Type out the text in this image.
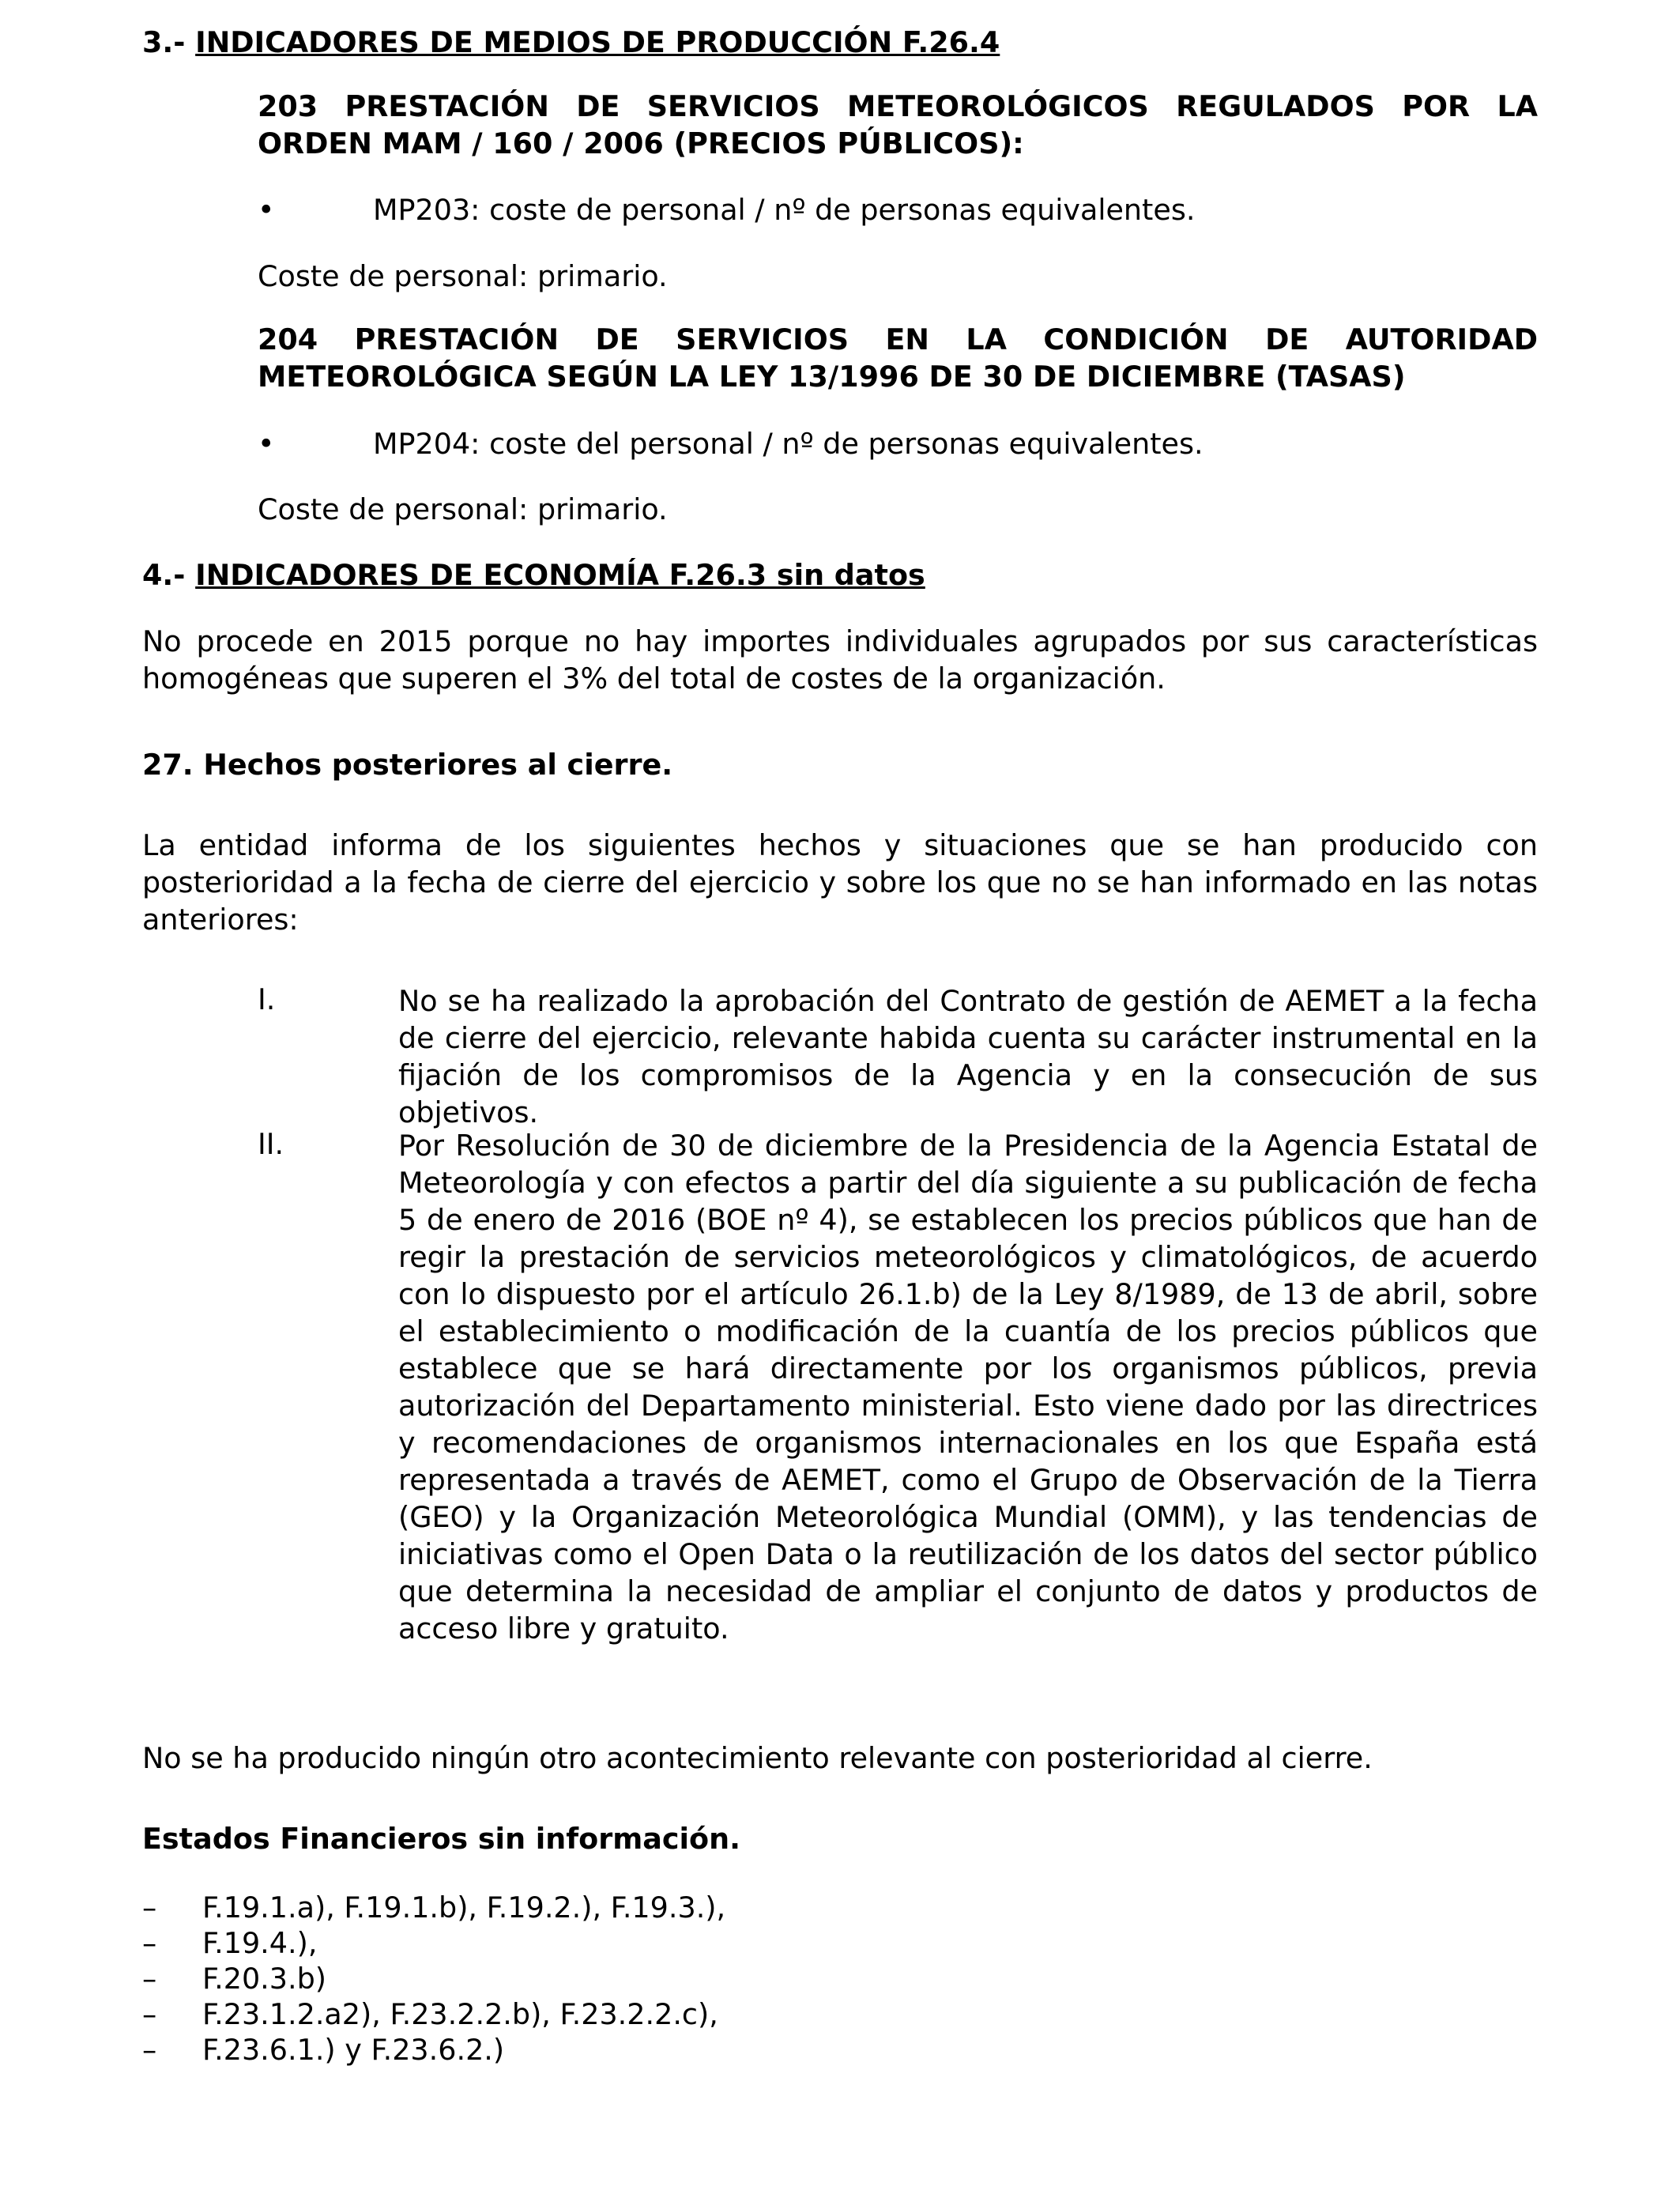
3.- INDICADORES DE MEDIOS DE PRODUCCIÓN F.26.4

203 PRESTACIÓN DE SERVICIOS METEOROLÓGICOS REGULADOS POR LA ORDEN MAM / 160 / 2006 (PRECIOS PÚBLICOS):

•	MP203: coste de personal / nº de personas equivalentes.
Coste de personal: primario.

204 PRESTACIÓN DE SERVICIOS EN LA CONDICIÓN DE AUTORIDAD METEOROLÓGICA SEGÚN LA LEY 13/1996 DE 30 DE DICIEMBRE (TASAS)

•	MP204: coste del personal / nº de personas equivalentes.
Coste de personal: primario.
4.- INDICADORES DE ECONOMÍA F.26.3 sin datos

No procede en 2015 porque no hay importes individuales agrupados por sus características homogéneas que superen el 3% del total de costes de la organización.

27. Hechos posteriores al cierre.

La entidad informa de los siguientes hechos y situaciones que se han producido con posterioridad a la fecha de cierre del ejercicio y sobre los que no se han informado en las notas anteriores:

I.	No se ha realizado la aprobación del Contrato de gestión de AEMET a la fecha de cierre del ejercicio, relevante habida cuenta su carácter instrumental en la fijación de los compromisos de la Agencia y en la consecución de sus objetivos.

II.	Por Resolución de 30 de diciembre de la Presidencia de la Agencia Estatal de Meteorología y con efectos a partir del día siguiente a su publicación de fecha 5 de enero de 2016 (BOE nº 4), se establecen los precios públicos que han de regir la prestación de servicios meteorológicos y climatológicos, de acuerdo con lo dispuesto por el artículo 26.1.b) de la Ley 8/1989, de 13 de abril, sobre el establecimiento o modificación de la cuantía de los precios públicos que establece que se hará directamente por los organismos públicos, previa autorización del Departamento ministerial. Esto viene dado por las directrices y recomendaciones de organismos internacionales en los que España está representada a través de AEMET, como el Grupo de Observación de la Tierra (GEO) y la Organización Meteorológica Mundial (OMM), y las tendencias de iniciativas como el Open Data o la reutilización de los datos del sector público que determina la necesidad de ampliar el conjunto de datos y productos de acceso libre y gratuito.

No se ha producido ningún otro acontecimiento relevante con posterioridad al cierre.
Estados Financieros sin información.
– F.19.1.a), F.19.1.b), F.19.2.), F.19.3.),
– F.19.4.),
– F.20.3.b)
– F.23.1.2.a2), F.23.2.2.b), F.23.2.2.c),
– F.23.6.1.) y F.23.6.2.)
